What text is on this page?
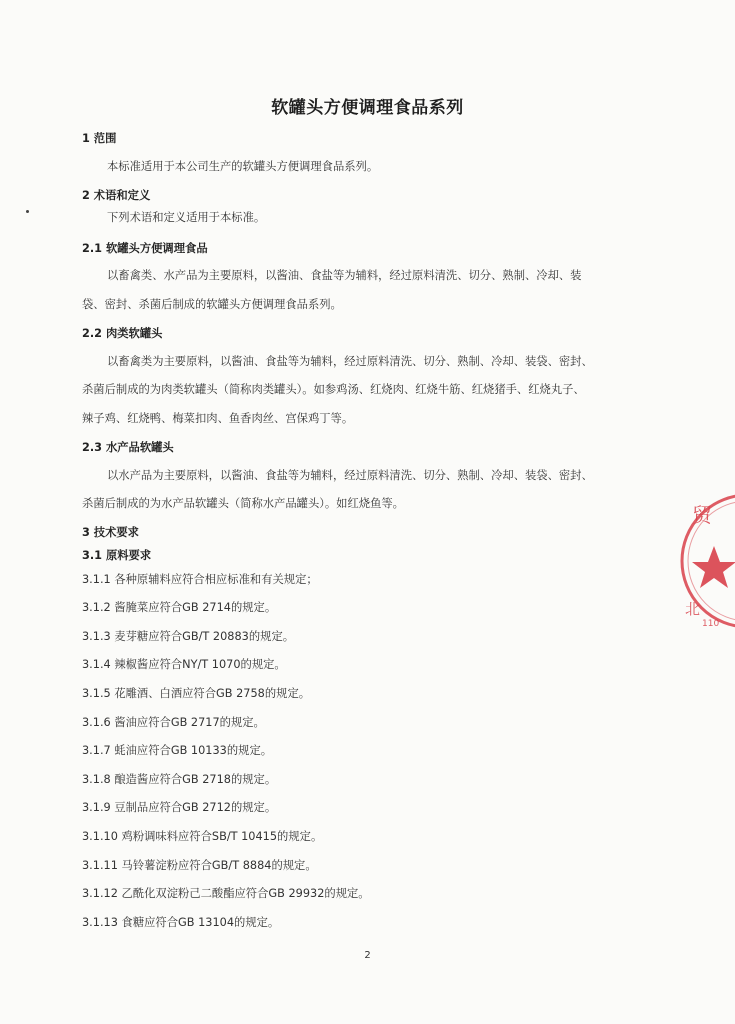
软罐头方便调理食品系列
1 范围
本标准适用于本公司生产的软罐头方便调理食品系列。
2 术语和定义
下列术语和定义适用于本标准。
2.1 软罐头方便调理食品
以畜禽类、水产品为主要原料，以酱油、食盐等为辅料，经过原料清洗、切分、熟制、冷却、装
袋、密封、杀菌后制成的软罐头方便调理食品系列。
2.2 肉类软罐头
以畜禽类为主要原料，以酱油、食盐等为辅料，经过原料清洗、切分、熟制、冷却、装袋、密封、
杀菌后制成的为肉类软罐头（简称肉类罐头）。如参鸡汤、红烧肉、红烧牛筋、红烧猪手、红烧丸子、
辣子鸡、红烧鸭、梅菜扣肉、鱼香肉丝、宫保鸡丁等。
2.3 水产品软罐头
以水产品为主要原料，以酱油、食盐等为辅料，经过原料清洗、切分、熟制、冷却、装袋、密封、
杀菌后制成的为水产品软罐头（简称水产品罐头）。如红烧鱼等。
3 技术要求
3.1 原料要求
3.1.1 各种原辅料应符合相应标准和有关规定；
3.1.2 酱腌菜应符合GB 2714的规定。
3.1.3 麦芽糖应符合GB/T 20883的规定。
3.1.4 辣椒酱应符合NY/T 1070的规定。
3.1.5 花雕酒、白酒应符合GB 2758的规定。
3.1.6 酱油应符合GB 2717的规定。
3.1.7 蚝油应符合GB 10133的规定。
3.1.8 酿造酱应符合GB 2718的规定。
3.1.9 豆制品应符合GB 2712的规定。
3.1.10 鸡粉调味料应符合SB/T 10415的规定。
3.1.11 马铃薯淀粉应符合GB/T 8884的规定。
3.1.12 乙酰化双淀粉己二酸酯应符合GB 29932的规定。
3.1.13 食糖应符合GB 13104的规定。
2
贸
北
110
